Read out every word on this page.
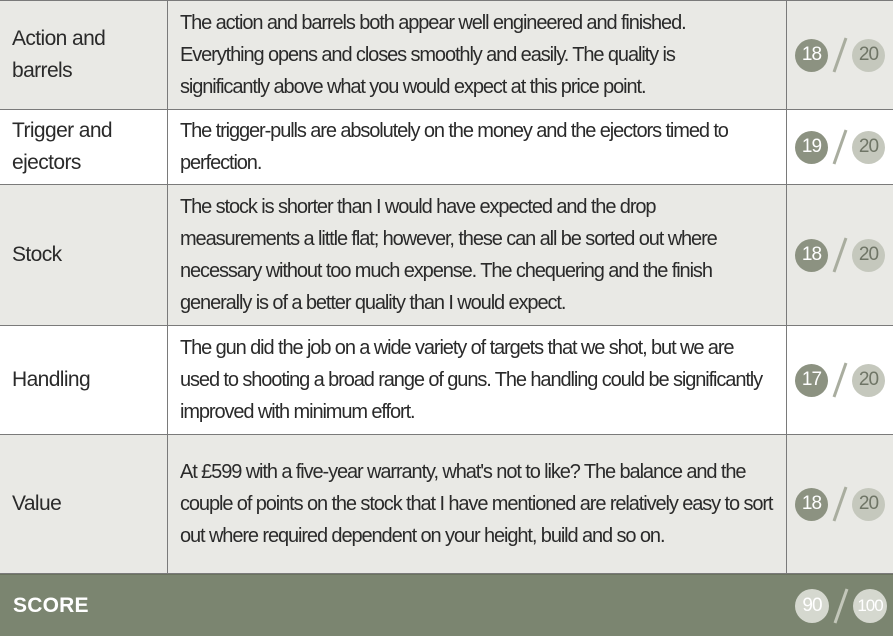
Action and barrels
The action and barrels both appear well engineered and finished. Everything opens and closes smoothly and easily. The quality is significantly above what you would expect at this price point.
18	20
Trigger and ejectors
The trigger-pulls are absolutely on the money and the ejectors timed to perfection.
19	20
Stock
The stock is shorter than I would have expected and the drop measurements a little flat; however, these can all be sorted out where necessary without too much expense. The chequering and the finish generally is of a better quality than I would expect.
18	20
Handling
The gun did the job on a wide variety of targets that we shot, but we are used to shooting a broad range of guns. The handling could be significantly improved with minimum effort.
17	20
Value
At £599 with a five-year warranty, what's not to like? The balance and the couple of points on the stock that I have mentioned are relatively easy to sort out where required dependent on your height, build and so on.
18	20
SCORE	90	100
